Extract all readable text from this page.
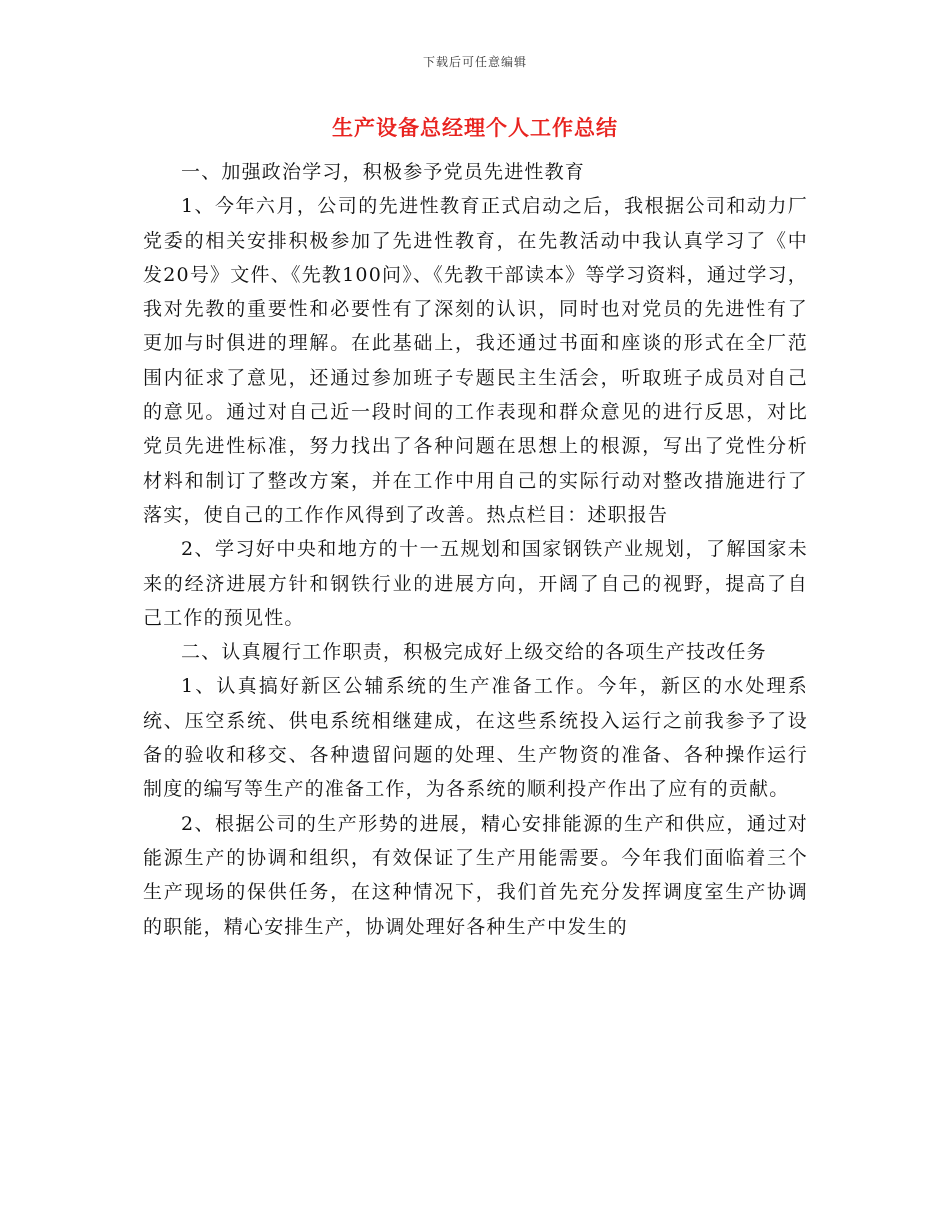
下载后可任意编辑
生产设备总经理个人工作总结

一、加强政治学习，积极参予党员先进性教育

1、今年六月，公司的先进性教育正式启动之后，我根据公司和动力厂党委的相关安排积极参加了先进性教育，在先教活动中我认真学习了《中发20号》文件、《先教100问》、《先教干部读本》等学习资料，通过学习，我对先教的重要性和必要性有了深刻的认识，同时也对党员的先进性有了更加与时俱进的理解。在此基础上，我还通过书面和座谈的形式在全厂范围内征求了意见，还通过参加班子专题民主生活会，听取班子成员对自己的意见。通过对自己近一段时间的工作表现和群众意见的进行反思，对比党员先进性标准，努力找出了各种问题在思想上的根源，写出了党性分析材料和制订了整改方案，并在工作中用自己的实际行动对整改措施进行了落实，使自己的工作作风得到了改善。热点栏目：述职报告

2、学习好中央和地方的十一五规划和国家钢铁产业规划，了解国家未来的经济进展方针和钢铁行业的进展方向，开阔了自己的视野，提高了自己工作的预见性。

二、认真履行工作职责，积极完成好上级交给的各项生产技改任务

1、认真搞好新区公辅系统的生产准备工作。今年，新区的水处理系统、压空系统、供电系统相继建成，在这些系统投入运行之前我参予了设备的验收和移交、各种遗留问题的处理、生产物资的准备、各种操作运行制度的编写等生产的准备工作，为各系统的顺利投产作出了应有的贡献。

2、根据公司的生产形势的进展，精心安排能源的生产和供应，通过对能源生产的协调和组织，有效保证了生产用能需要。今年我们面临着三个生产现场的保供任务，在这种情况下，我们首先充分发挥调度室生产协调的职能，精心安排生产，协调处理好各种生产中发生的
